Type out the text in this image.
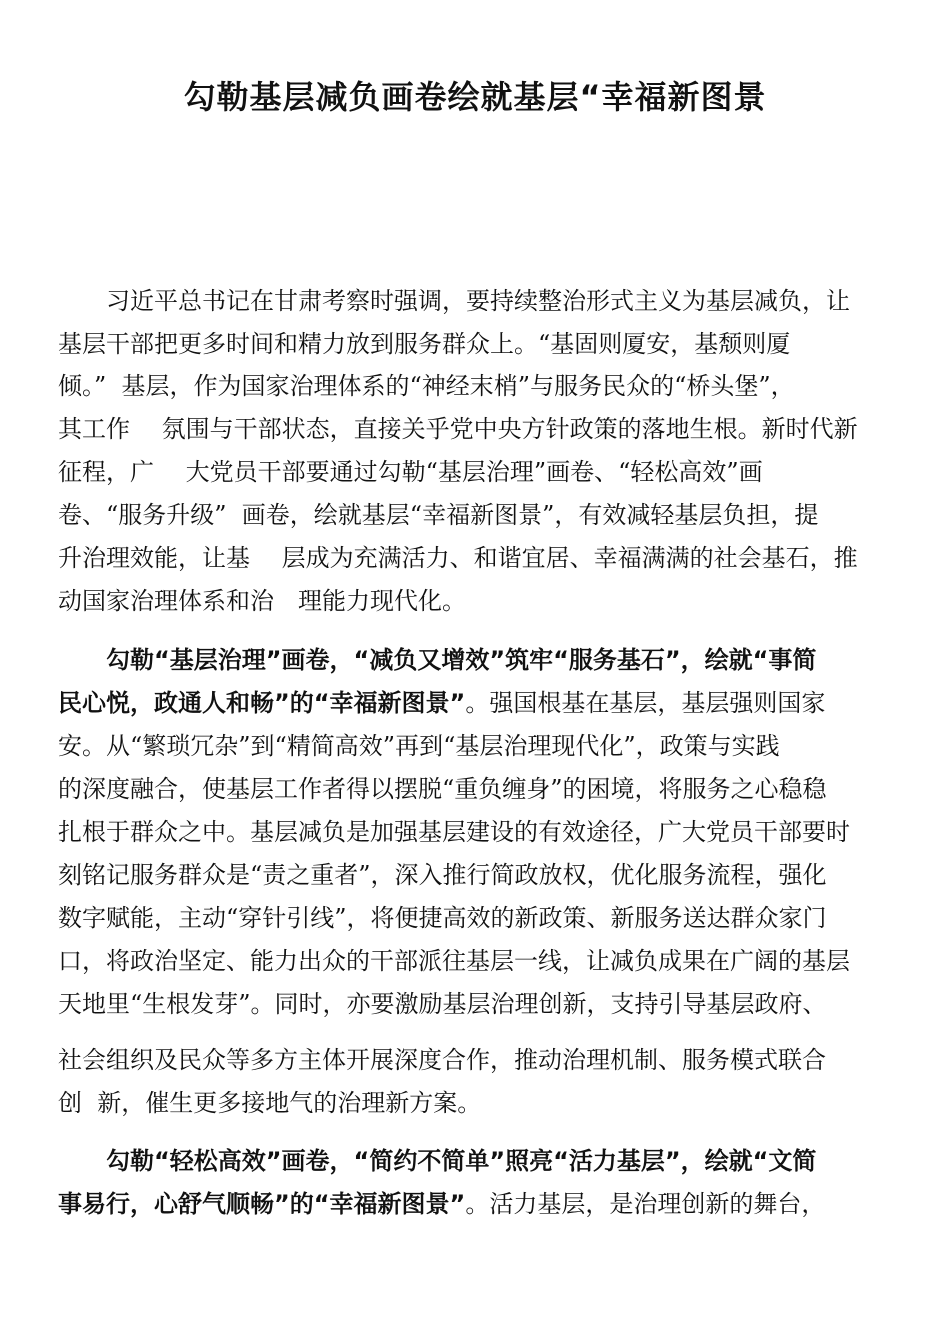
勾勒基层减负画卷绘就基层“幸福新图景

　　习近平总书记在甘肃考察时强调，要持续整治形式主义为基层减负，让

基层干部把更多时间和精力放到服务群众上。“基固则厦安，基颓则厦

倾。”  基层，作为国家治理体系的“神经末梢”与服务民众的“桥头堡”，

其工作　 氛围与干部状态，直接关乎党中央方针政策的落地生根。新时代新

征程，广　 大党员干部要通过勾勒“基层治理”画卷、“轻松高效”画

卷、“服务升级”  画卷，绘就基层“幸福新图景”，有效减轻基层负担，提

升治理效能，让基　 层成为充满活力、和谐宜居、幸福满满的社会基石，推

动国家治理体系和治　理能力现代化。

　　勾勒“基层治理”画卷，“减负又增效”筑牢“服务基石”，绘就“事简

民心悦，政通人和畅”的“幸福新图景”。强国根基在基层，基层强则国家

安。从“繁琐冗杂”到“精简高效”再到“基层治理现代化”，政策与实践

的深度融合，使基层工作者得以摆脱“重负缠身”的困境，将服务之心稳稳

扎根于群众之中。基层减负是加强基层建设的有效途径，广大党员干部要时

刻铭记服务群众是“责之重者”，深入推行简政放权，优化服务流程，强化

数字赋能，主动“穿针引线”，将便捷高效的新政策、新服务送达群众家门

口，将政治坚定、能力出众的干部派往基层一线，让减负成果在广阔的基层

天地里“生根发芽”。同时，亦要激励基层治理创新，支持引导基层政府、

社会组织及民众等多方主体开展深度合作，推动治理机制、服务模式联合

创  新，催生更多接地气的治理新方案。

　　勾勒“轻松高效”画卷，“简约不简单”照亮“活力基层”，绘就“文简

事易行，心舒气顺畅”的“幸福新图景”。活力基层，是治理创新的舞台，
